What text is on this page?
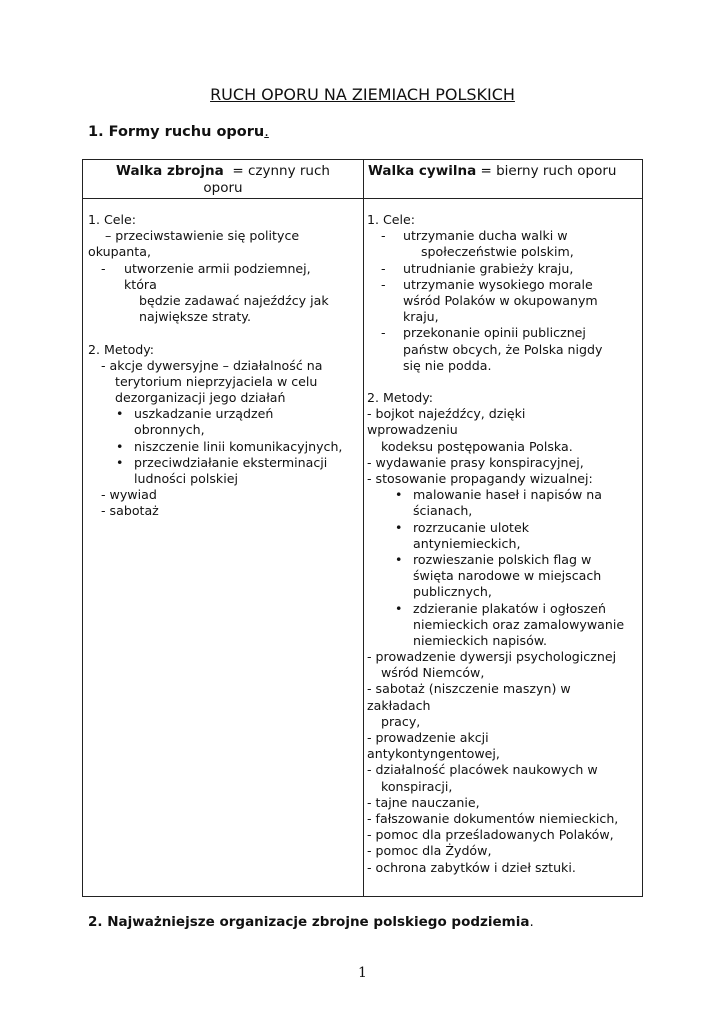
RUCH OPORU NA ZIEMIACH POLSKICH
1. Formy ruchu oporu.
Walka zbrojna = czynny ruch
oporu
Walka cywilna = bierny ruch oporu
1. Cele:
– przeciwstawienie się polityce
okupanta,
- utworzenie armii podziemnej,
która
będzie zadawać najeźdźcy jak
największe straty.
2. Metody:
- akcje dywersyjne – działalność na
terytorium nieprzyjaciela w celu
dezorganizacji jego działań
• uszkadzanie urządzeń
obronnych,
• niszczenie linii komunikacyjnych,
• przeciwdziałanie eksterminacji
ludności polskiej
- wywiad
- sabotaż
1. Cele:
- utrzymanie ducha walki w
społeczeństwie polskim,
- utrudnianie grabieży kraju,
- utrzymanie wysokiego morale
wśród Polaków w okupowanym
kraju,
- przekonanie opinii publicznej
państw obcych, że Polska nigdy
się nie podda.
2. Metody:
- bojkot najeźdźcy, dzięki
wprowadzeniu
kodeksu postępowania Polska.
- wydawanie prasy konspiracyjnej,
- stosowanie propagandy wizualnej:
• malowanie haseł i napisów na
ścianach,
• rozrzucanie ulotek
antyniemieckich,
• rozwieszanie polskich flag w
święta narodowe w miejscach
publicznych,
• zdzieranie plakatów i ogłoszeń
niemieckich oraz zamalowywanie
niemieckich napisów.
- prowadzenie dywersji psychologicznej
wśród Niemców,
- sabotaż (niszczenie maszyn) w
zakładach
pracy,
- prowadzenie akcji
antykontyngentowej,
- działalność placówek naukowych w
konspiracji,
- tajne nauczanie,
- fałszowanie dokumentów niemieckich,
- pomoc dla prześladowanych Polaków,
- pomoc dla Żydów,
- ochrona zabytków i dzieł sztuki.
2. Najważniejsze organizacje zbrojne polskiego podziemia.
1
